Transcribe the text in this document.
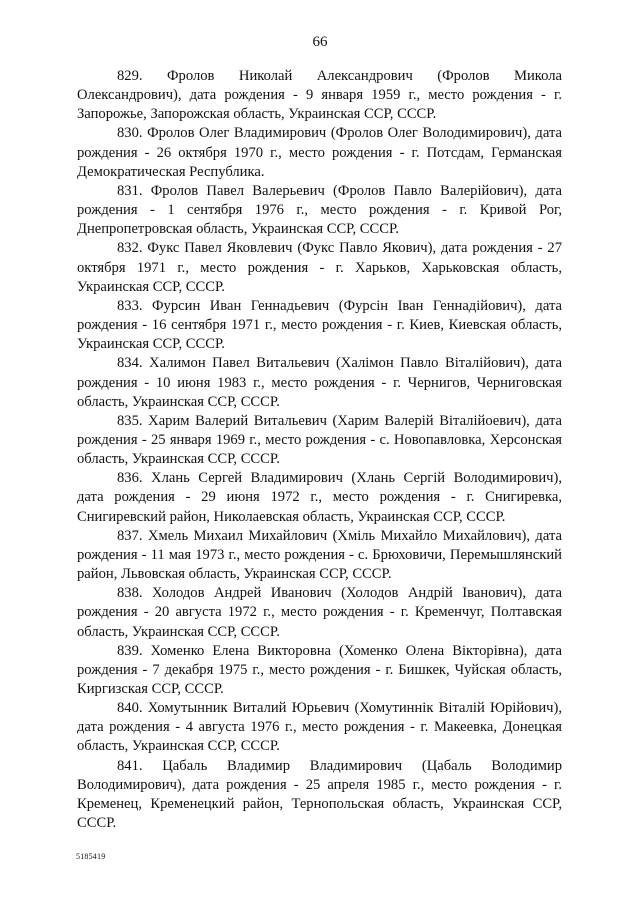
66

829. Фролов Николай Александрович (Фролов Микола Олександрович), дата рождения - 9 января 1959 г., место рождения - г. Запорожье, Запорожская область, Украинская ССР, СССР.

830. Фролов Олег Владимирович (Фролов Олег Володимирович), дата рождения - 26 октября 1970 г., место рождения - г. Потсдам, Германская Демократическая Республика.

831. Фролов Павел Валерьевич (Фролов Павло Валерійович), дата рождения - 1 сентября 1976 г., место рождения - г. Кривой Рог, Днепропетровская область, Украинская ССР, СССР.

832. Фукс Павел Яковлевич (Фукс Павло Якович), дата рождения - 27 октября 1971 г., место рождения - г. Харьков, Харьковская область, Украинская ССР, СССР.

833. Фурсин Иван Геннадьевич (Фурсін Іван Геннадійович), дата рождения - 16 сентября 1971 г., место рождения - г. Киев, Киевская область, Украинская ССР, СССР.

834. Халимон Павел Витальевич (Халімон Павло Віталійович), дата рождения - 10 июня 1983 г., место рождения - г. Чернигов, Черниговская область, Украинская ССР, СССР.

835. Харим Валерий Витальевич (Харим Валерій Віталійоевич), дата рождения - 25 января 1969 г., место рождения - с. Новопавловка, Херсонская область, Украинская ССР, СССР.

836. Хлань Сергей Владимирович (Хлань Сергій Володимирович), дата рождения - 29 июня 1972 г., место рождения - г. Снигиревка, Снигиревский район, Николаевская область, Украинская ССР, СССР.

837. Хмель Михаил Михайлович (Хміль Михайло Михайлович), дата рождения - 11 мая 1973 г., место рождения - с. Брюховичи, Перемышлянский район, Львовская область, Украинская ССР, СССР.

838. Холодов Андрей Иванович (Холодов Андрій Іванович), дата рождения - 20 августа 1972 г., место рождения - г. Кременчуг, Полтавская область, Украинская ССР, СССР.

839. Хоменко Елена Викторовна (Хоменко Олена Вікторівна), дата рождения - 7 декабря 1975 г., место рождения - г. Бишкек, Чуйская область, Киргизская ССР, СССР.

840. Хомутынник Виталий Юрьевич (Хомутиннік Віталій Юрійович), дата рождения - 4 августа 1976 г., место рождения - г. Макеевка, Донецкая область, Украинская ССР, СССР.

841. Цабаль Владимир Владимирович (Цабаль Володимир Володимирович), дата рождения - 25 апреля 1985 г., место рождения - г. Кременец, Кременецкий район, Тернопольская область, Украинская ССР, СССР.

5185419
